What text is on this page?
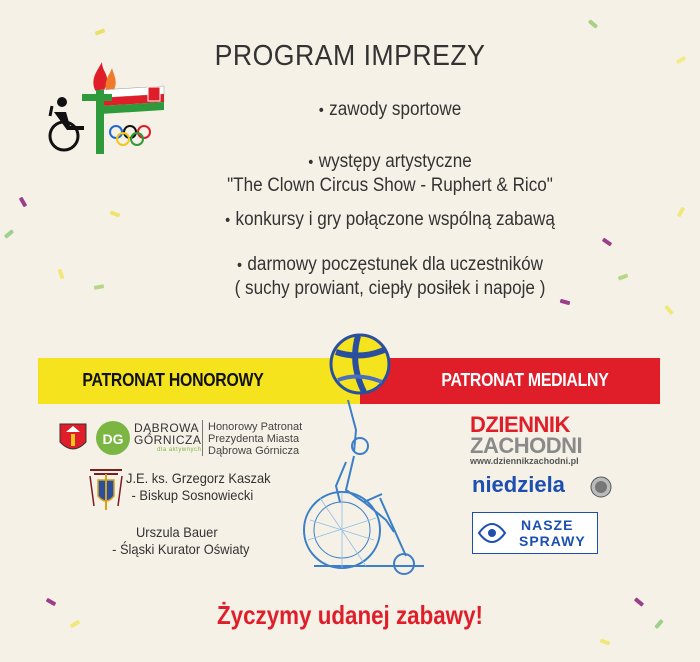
PROGRAM IMPREZY
• zawody sportowe
• występy artystyczne
"The Clown Circus Show - Ruphert & Rico"
• konkursy i gry połączone wspólną zabawą
• darmowy poczęstunek dla uczestników
( suchy prowiant, ciepły posiłek i napoje )
PATRONAT HONOROWY	PATRONAT MEDIALNY
DG
DĄBROWA
GÓRNICZA
dla aktywnych
Honorowy Patronat
Prezydenta Miasta
Dąbrowa Górnicza
J.E. ks. Grzegorz Kaszak
- Biskup Sosnowiecki
Urszula Bauer
- Śląski Kurator Oświaty
DZIENNIK
ZACHODNI
www.dziennikzachodni.pl
niedziela
NASZE
SPRAWY
Życzymy udanej zabawy!
